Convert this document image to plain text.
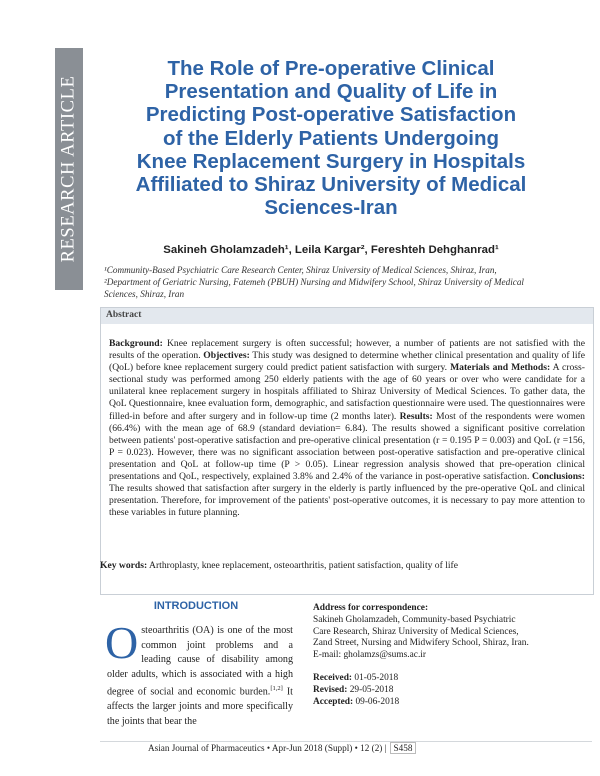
RESEARCH ARTICLE
The Role of Pre-operative Clinical
Presentation and Quality of Life in
Predicting Post-operative Satisfaction
of the Elderly Patients Undergoing
Knee Replacement Surgery in Hospitals
Affiliated to Shiraz University of Medical
Sciences-Iran
Sakineh Gholamzadeh¹, Leila Kargar², Fereshteh Dehghanrad¹
¹Community-Based Psychiatric Care Research Center, Shiraz University of Medical Sciences, Shiraz, Iran,
²Department of Geriatric Nursing, Fatemeh (PBUH) Nursing and Midwifery School, Shiraz University of Medical Sciences, Shiraz, Iran
Abstract
Background: Knee replacement surgery is often successful; however, a number of patients are not satisfied with the results of the operation. Objectives: This study was designed to determine whether clinical presentation and quality of life (QoL) before knee replacement surgery could predict patient satisfaction with surgery. Materials and Methods: A cross-sectional study was performed among 250 elderly patients with the age of 60 years or over who were candidate for a unilateral knee replacement surgery in hospitals affiliated to Shiraz University of Medical Sciences. To gather data, the QoL Questionnaire, knee evaluation form, demographic, and satisfaction questionnaire were used. The questionnaires were filled-in before and after surgery and in follow-up time (2 months later). Results: Most of the respondents were women (66.4%) with the mean age of 68.9 (standard deviation= 6.84). The results showed a significant positive correlation between patients' post-operative satisfaction and pre-operative clinical presentation (r = 0.195 P = 0.003) and QoL (r =156, P = 0.023). However, there was no significant association between post-operative satisfaction and pre-operative clinical presentation and QoL at follow-up time (P > 0.05). Linear regression analysis showed that pre-operation clinical presentations and QoL, respectively, explained 3.8% and 2.4% of the variance in post-operative satisfaction. Conclusions: The results showed that satisfaction after surgery in the elderly is partly influenced by the pre-operative QoL and clinical presentation. Therefore, for improvement of the patients' post-operative outcomes, it is necessary to pay more attention to these variables in future planning.
Key words: Arthroplasty, knee replacement, osteoarthritis, patient satisfaction, quality of life
INTRODUCTION
Osteoarthritis (OA) is one of the most common joint problems and a leading cause of disability among older adults, which is associated with a high degree of social and economic burden.[1,2] It affects the larger joints and more specifically the joints that bear the
Address for correspondence:
Sakineh Gholamzadeh, Community-based Psychiatric
Care Research, Shiraz University of Medical Sciences,
Zand Street, Nursing and Midwifery School, Shiraz, Iran.
E-mail: gholamzs@sums.ac.ir
Received: 01-05-2018
Revised: 29-05-2018
Accepted: 09-06-2018
Asian Journal of Pharmaceutics • Apr-Jun 2018 (Suppl) • 12 (2) | S458
